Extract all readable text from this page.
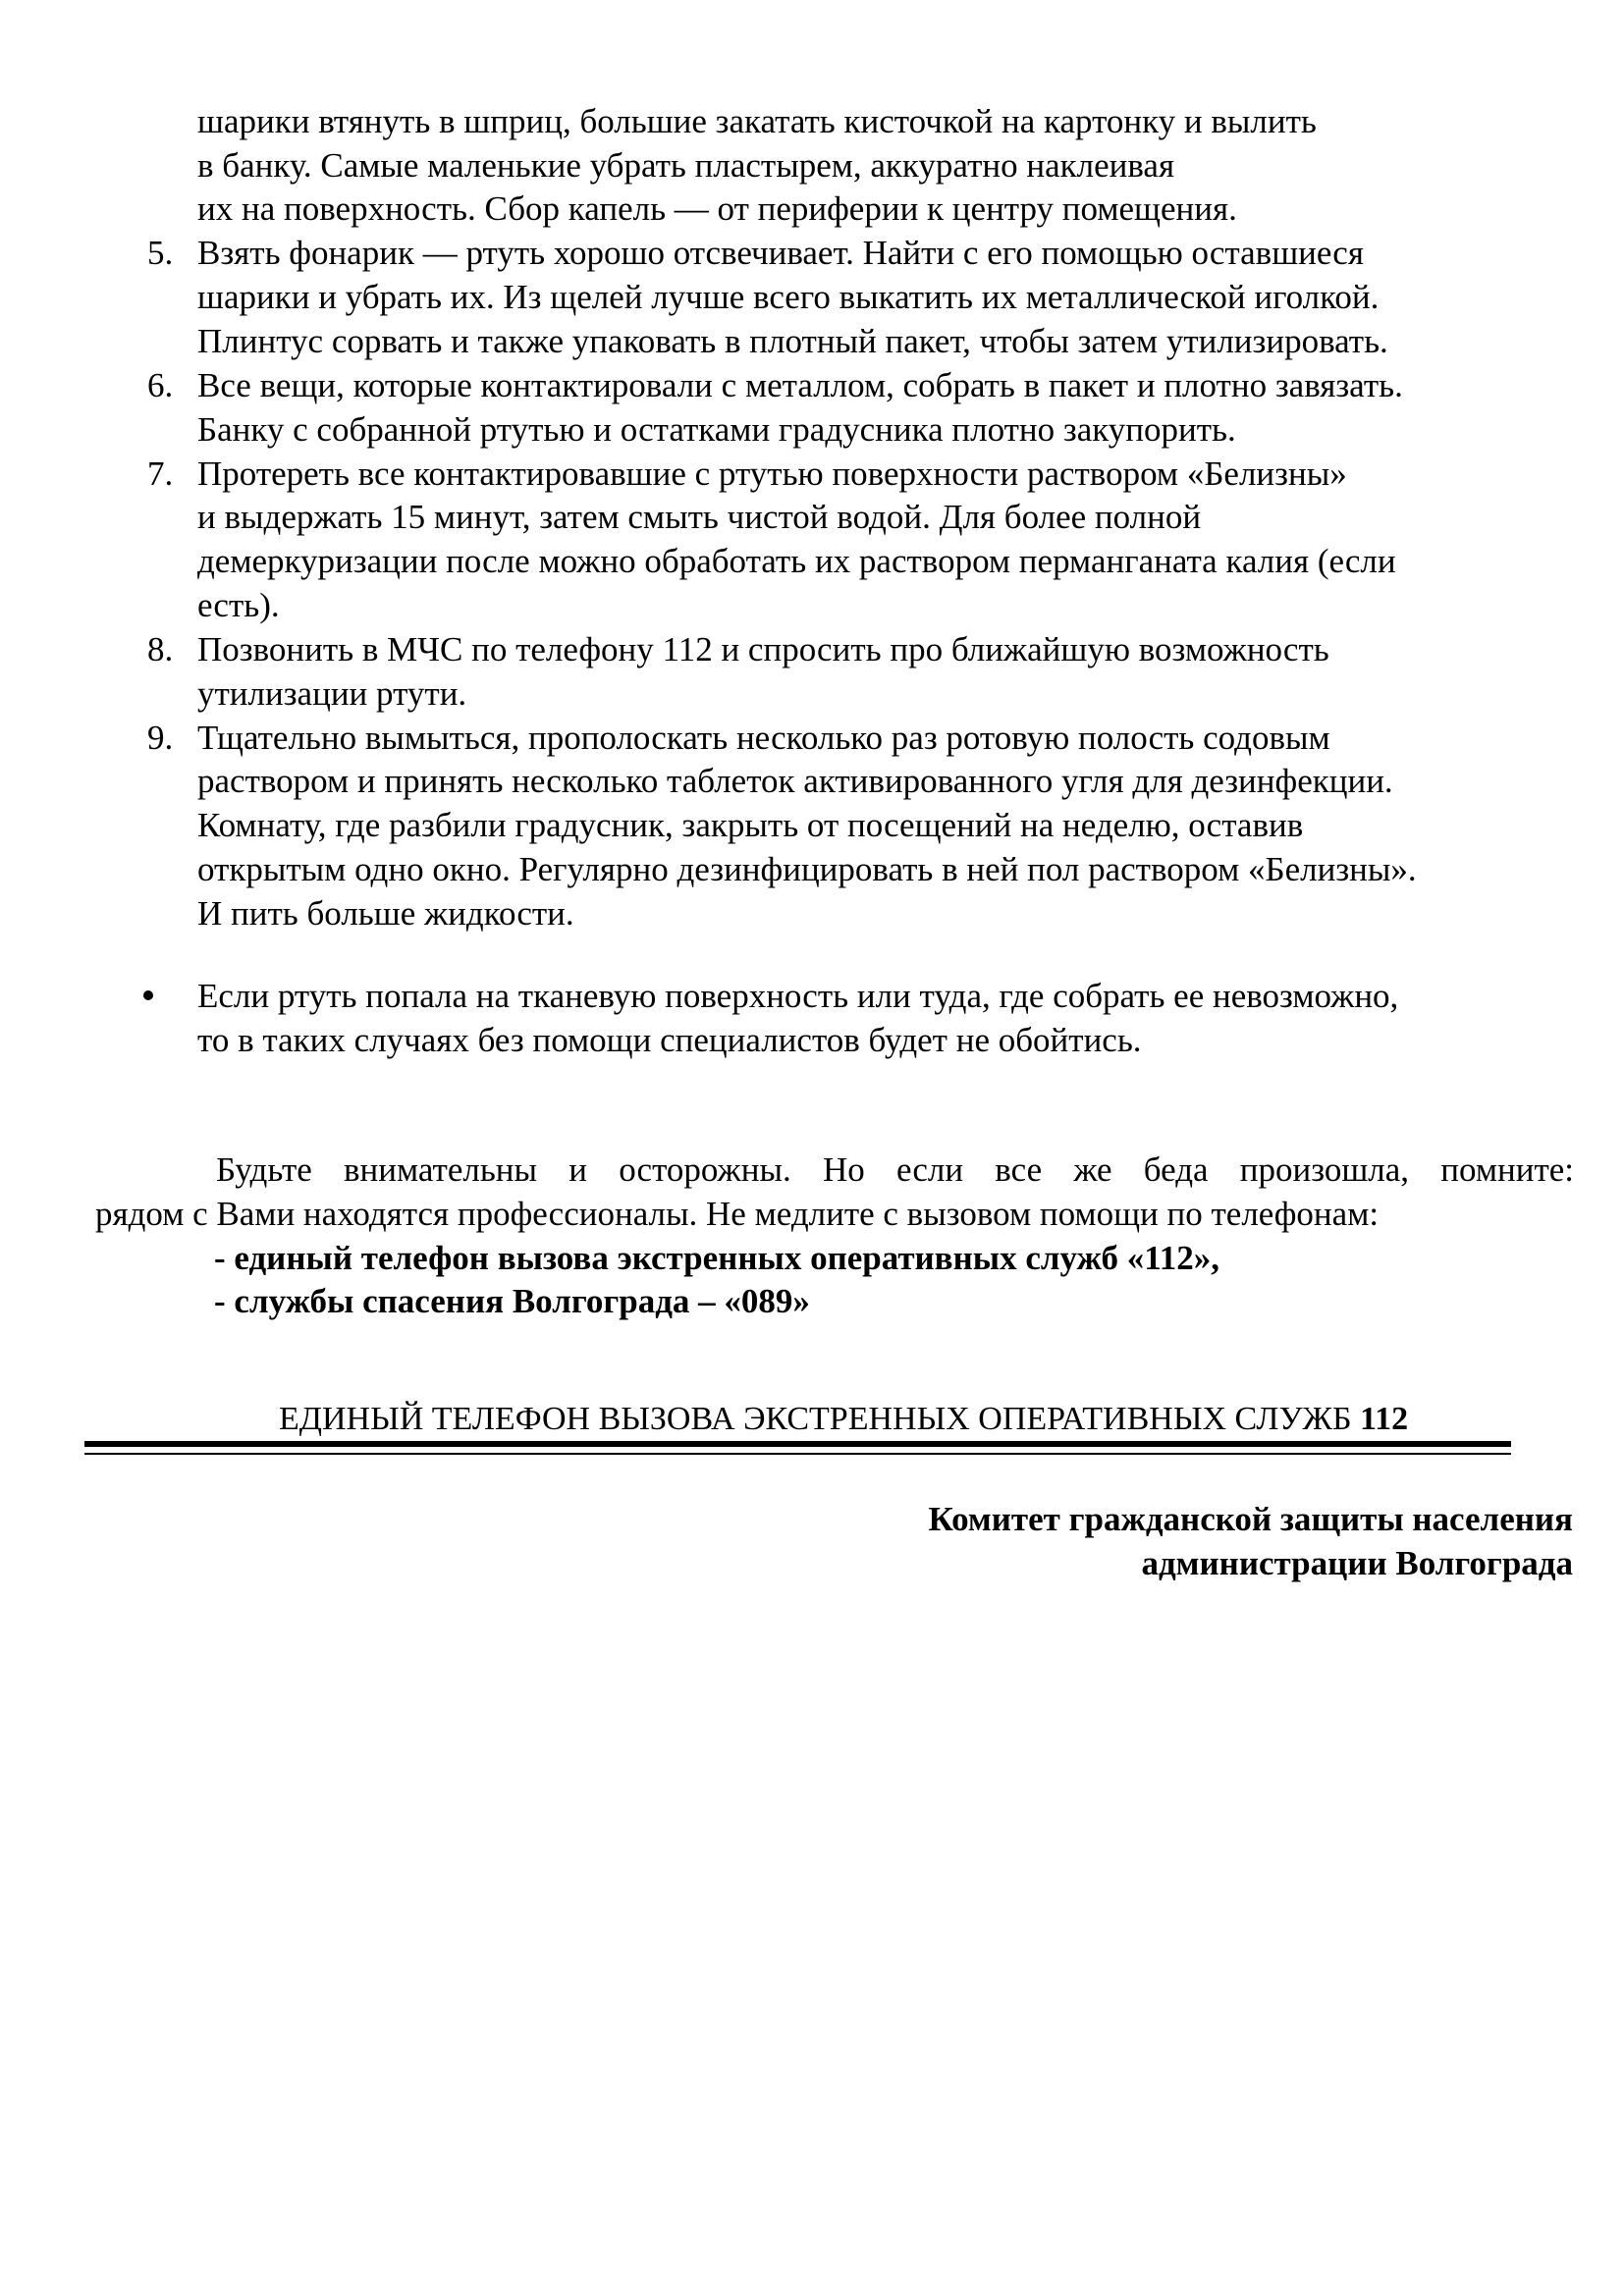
шарики втянуть в шприц, большие закатать кисточкой на картонку и вылить
в банку. Самые маленькие убрать пластырем, аккуратно наклеивая
их на поверхность. Сбор капель — от периферии к центру помещения.
5. Взять фонарик — ртуть хорошо отсвечивает. Найти с его помощью оставшиеся
шарики и убрать их. Из щелей лучше всего выкатить их металлической иголкой.
Плинтус сорвать и также упаковать в плотный пакет, чтобы затем утилизировать.
6. Все вещи, которые контактировали с металлом, собрать в пакет и плотно завязать.
Банку с собранной ртутью и остатками градусника плотно закупорить.
7. Протереть все контактировавшие с ртутью поверхности раствором «Белизны»
и выдержать 15 минут, затем смыть чистой водой. Для более полной
демеркуризации после можно обработать их раствором перманганата калия (если
есть).
8. Позвонить в МЧС по телефону 112 и спросить про ближайшую возможность
утилизации ртути.
9. Тщательно вымыться, прополоскать несколько раз ротовую полость содовым
раствором и принять несколько таблеток активированного угля для дезинфекции.
Комнату, где разбили градусник, закрыть от посещений на неделю, оставив
открытым одно окно. Регулярно дезинфицировать в ней пол раствором «Белизны».
И пить больше жидкости.
Если ртуть попала на тканевую поверхность или туда, где собрать ее невозможно,
то в таких случаях без помощи специалистов будет не обойтись.
Будьте внимательны и осторожны. Но если все же беда произошла, помните:
рядом с Вами находятся профессионалы. Не медлите с вызовом помощи по телефонам:
- единый телефон вызова экстренных оперативных служб «112»,
- службы спасения Волгограда – «089»
ЕДИНЫЙ ТЕЛЕФОН ВЫЗОВА ЭКСТРЕННЫХ ОПЕРАТИВНЫХ СЛУЖБ 112
Комитет гражданской защиты населения
администрации Волгограда
